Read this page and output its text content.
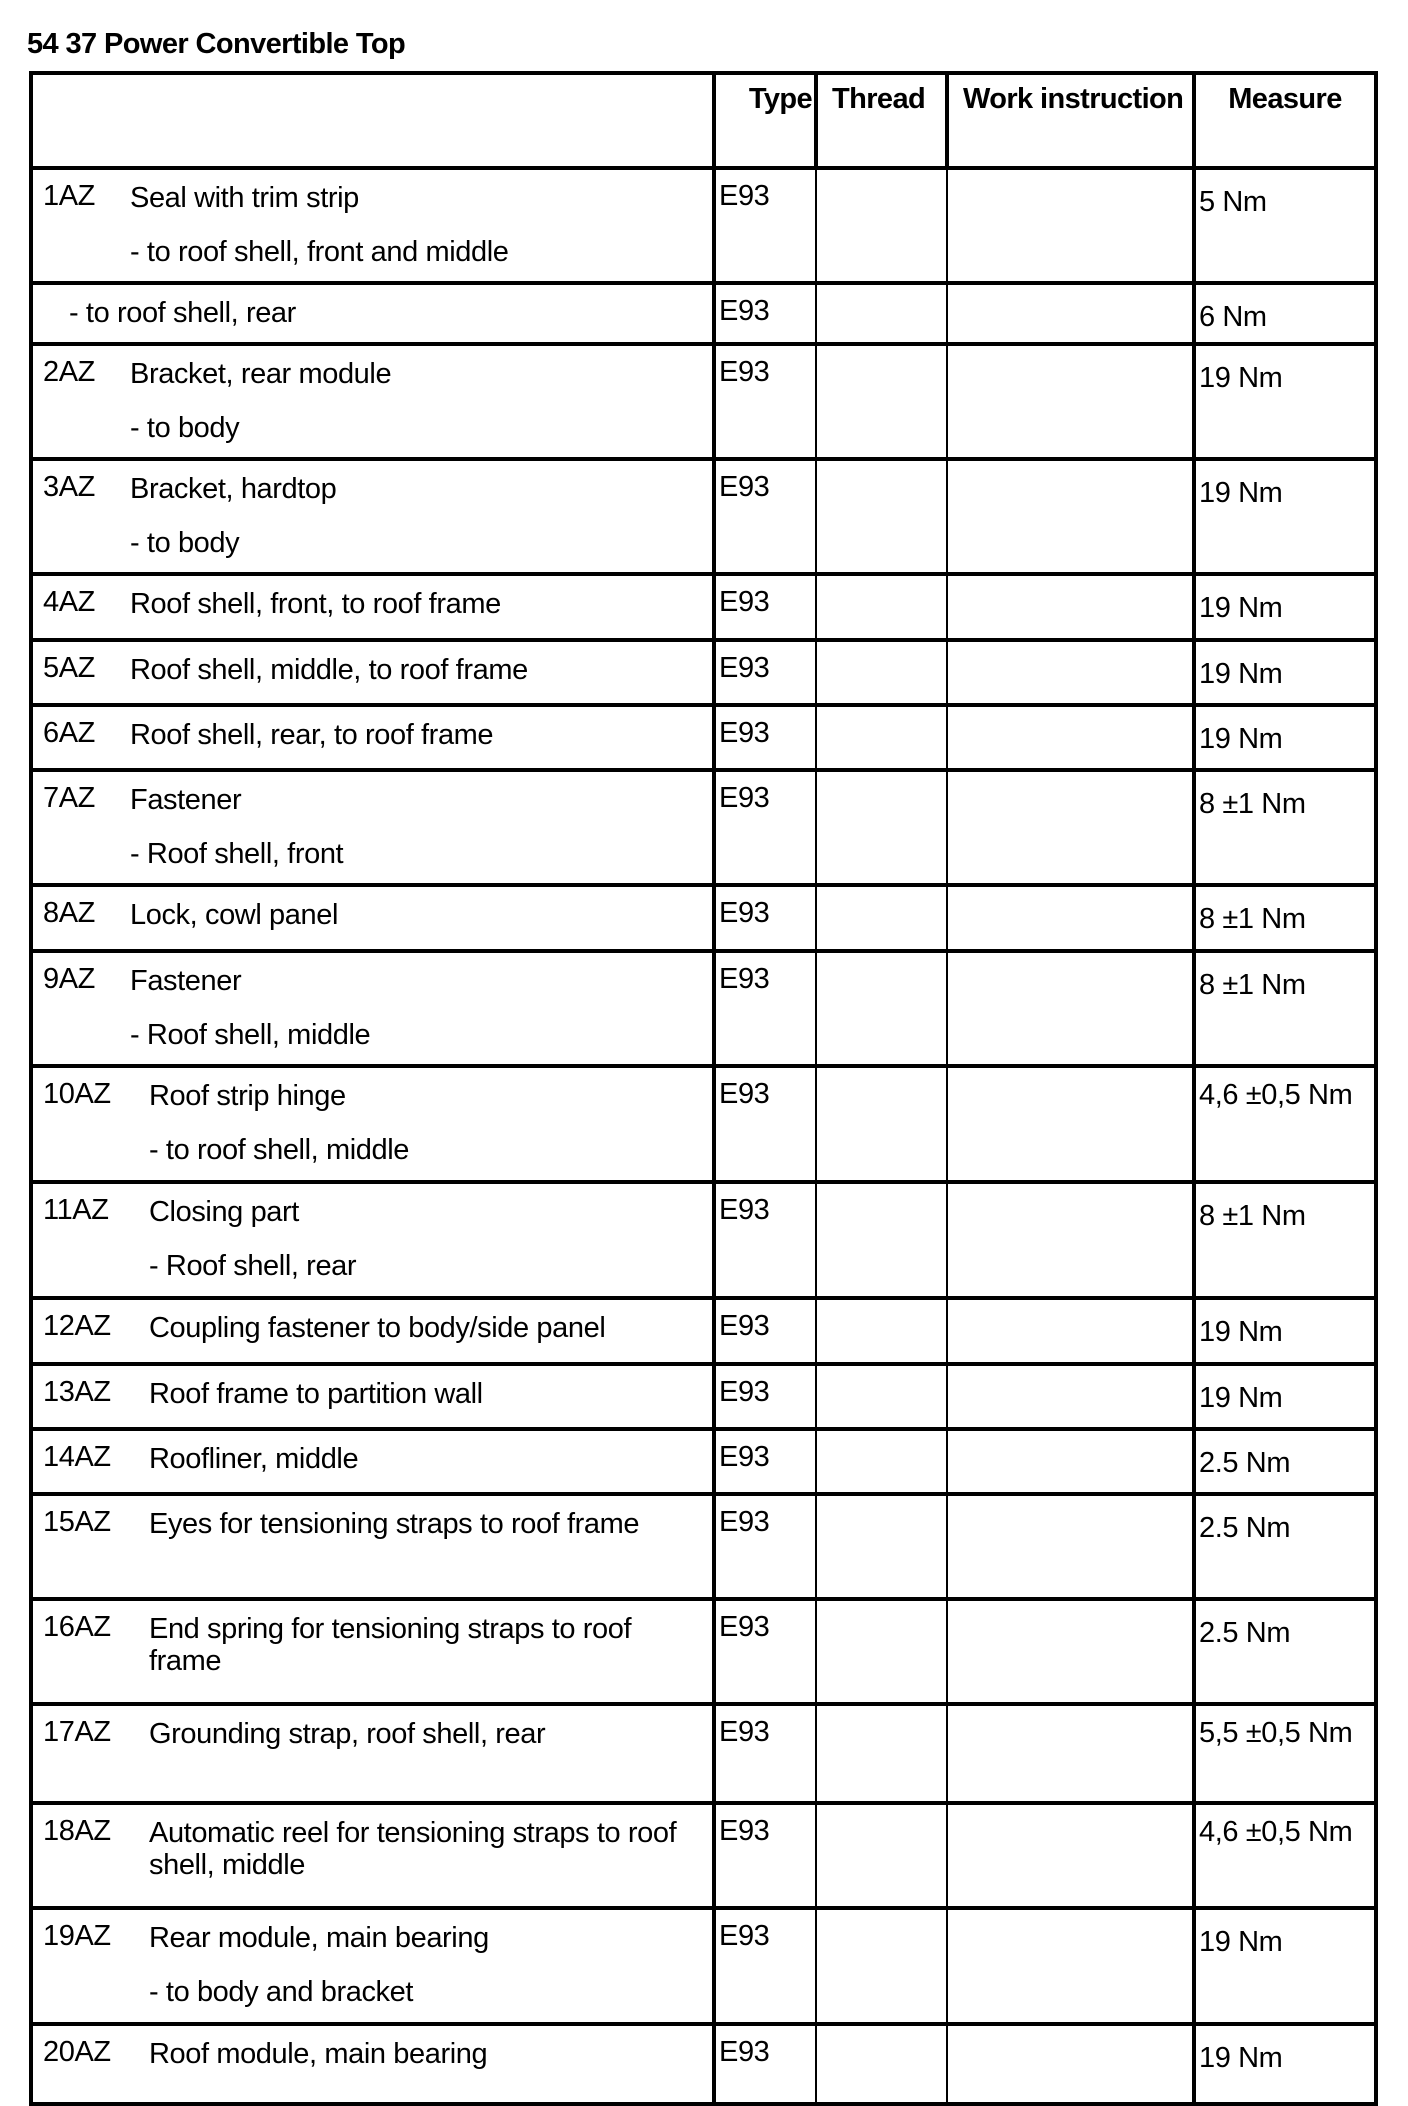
54 37 Power Convertible Top
	Type	Thread	Work instruction	Measure

1AZ Seal with trim strip
- to roof shell, front and middle	E93			5 Nm

- to roof shell, rear	E93			6 Nm

2AZ Bracket, rear module
- to body	E93			19 Nm

3AZ Bracket, hardtop
- to body	E93			19 Nm

4AZ Roof shell, front, to roof frame	E93			19 Nm

5AZ Roof shell, middle, to roof frame	E93			19 Nm

6AZ Roof shell, rear, to roof frame	E93			19 Nm

7AZ Fastener
- Roof shell, front	E93			8 ±1 Nm

8AZ Lock, cowl panel	E93			8 ±1 Nm

9AZ Fastener
- Roof shell, middle	E93			8 ±1 Nm

10AZ Roof strip hinge
- to roof shell, middle	E93			4,6 ±0,5 Nm

11AZ Closing part
- Roof shell, rear	E93			8 ±1 Nm

12AZ Coupling fastener to body/side panel	E93			19 Nm

13AZ Roof frame to partition wall	E93			19 Nm

14AZ Roofliner, middle	E93			2.5 Nm

15AZ Eyes for tensioning straps to roof frame	E93			2.5 Nm

16AZ End spring for tensioning straps to roof frame	E93			2.5 Nm

17AZ Grounding strap, roof shell, rear	E93			5,5 ±0,5 Nm

18AZ Automatic reel for tensioning straps to roof shell, middle	E93			4,6 ±0,5 Nm

19AZ Rear module, main bearing
- to body and bracket	E93			19 Nm

20AZ Roof module, main bearing	E93			19 Nm
